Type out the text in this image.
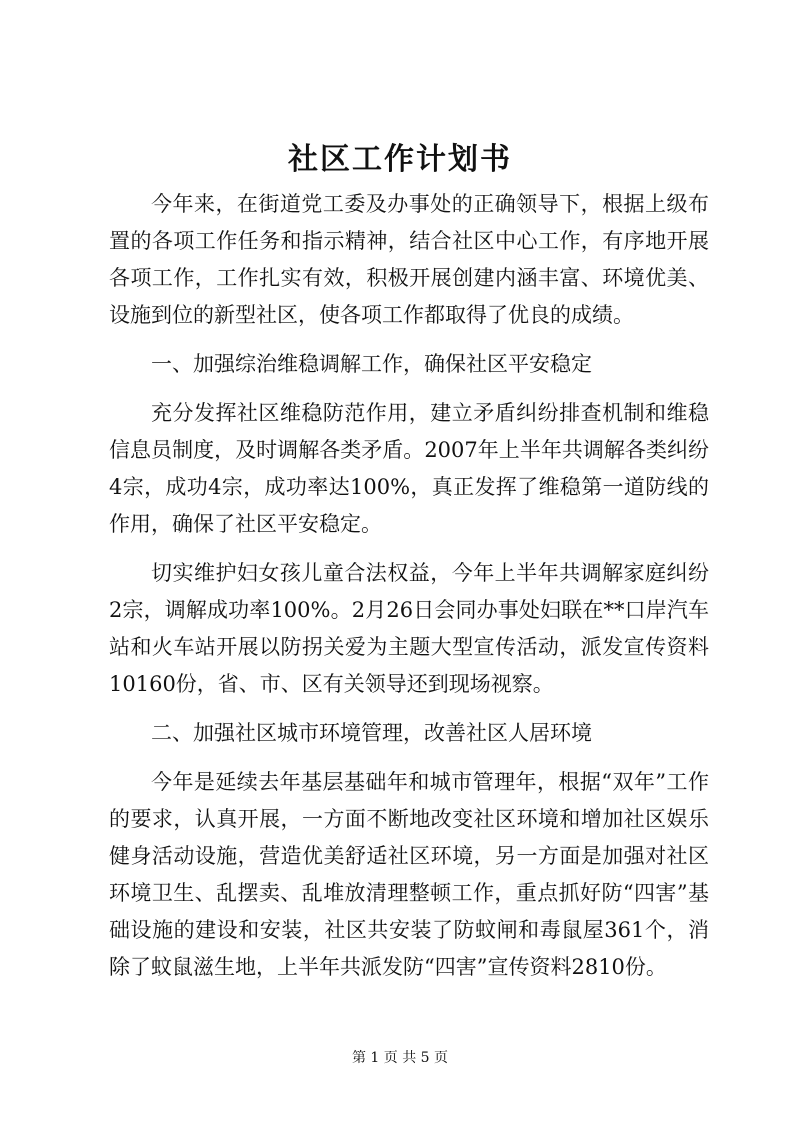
社区工作计划书

今年来，在街道党工委及办事处的正确领导下，根据上级布置的各项工作任务和指示精神，结合社区中心工作，有序地开展各项工作，工作扎实有效，积极开展创建内涵丰富、环境优美、设施到位的新型社区，使各项工作都取得了优良的成绩。

一、加强综治维稳调解工作，确保社区平安稳定

充分发挥社区维稳防范作用，建立矛盾纠纷排查机制和维稳信息员制度，及时调解各类矛盾。2007年上半年共调解各类纠纷4宗，成功4宗，成功率达100%，真正发挥了维稳第一道防线的作用，确保了社区平安稳定。

切实维护妇女孩儿童合法权益，今年上半年共调解家庭纠纷2宗，调解成功率100%。2月26日会同办事处妇联在**口岸汽车站和火车站开展以防拐关爱为主题大型宣传活动，派发宣传资料10160份，省、市、区有关领导还到现场视察。

二、加强社区城市环境管理，改善社区人居环境

今年是延续去年基层基础年和城市管理年，根据“双年”工作的要求，认真开展，一方面不断地改变社区环境和增加社区娱乐健身活动设施，营造优美舒适社区环境，另一方面是加强对社区环境卫生、乱摆卖、乱堆放清理整顿工作，重点抓好防“四害”基础设施的建设和安装，社区共安装了防蚊闸和毒鼠屋361个，消除了蚊鼠滋生地，上半年共派发防“四害”宣传资料2810份。

第 1 页 共 5 页
